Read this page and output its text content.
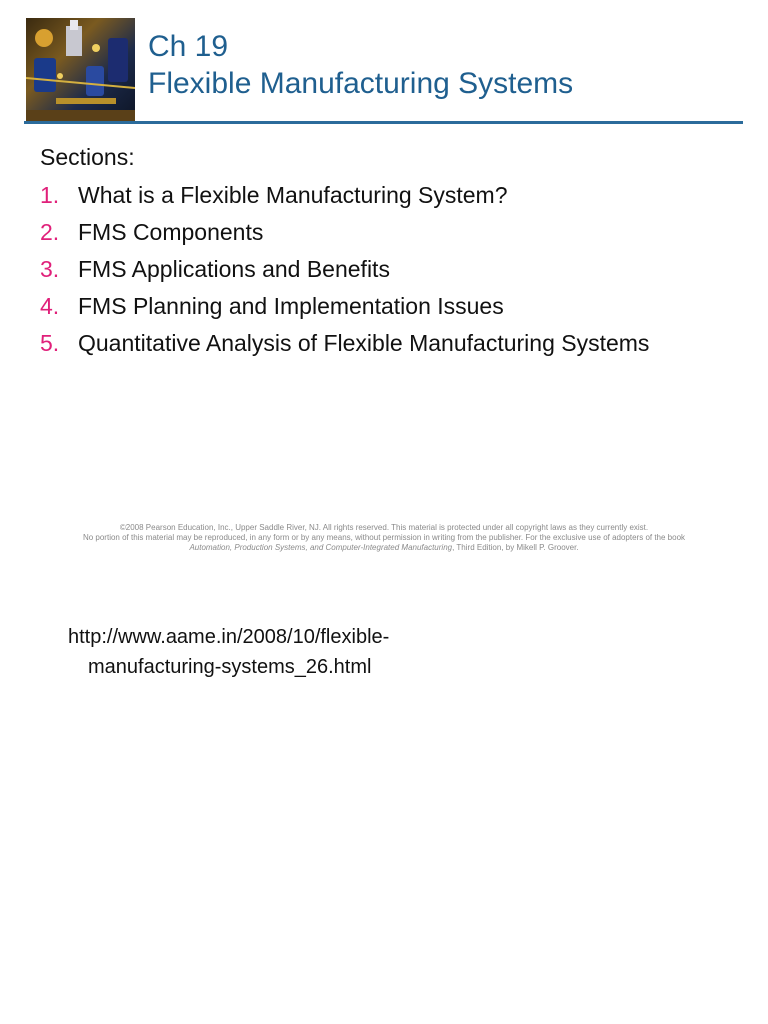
Ch 19
Flexible Manufacturing Systems
Sections:
1. What is a Flexible Manufacturing System?
2. FMS Components
3. FMS Applications and Benefits
4. FMS Planning and Implementation Issues
5. Quantitative Analysis of Flexible Manufacturing Systems
©2008 Pearson Education, Inc., Upper Saddle River, NJ. All rights reserved. This material is protected under all copyright laws as they currently exist.
No portion of this material may be reproduced, in any form or by any means, without permission in writing from the publisher. For the exclusive use of adopters of the book
Automation, Production Systems, and Computer-Integrated Manufacturing, Third Edition, by Mikell P. Groover.
http://www.aame.in/2008/10/flexible-
manufacturing-systems_26.html
